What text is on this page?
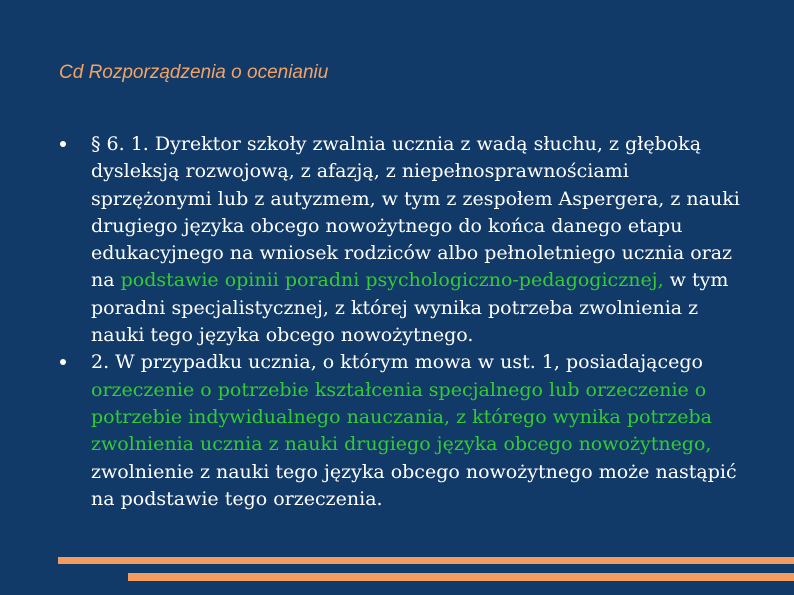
Cd Rozporządzenia o ocenianiu
§ 6. 1. Dyrektor szkoły zwalnia ucznia z wadą słuchu, z głęboką dysleksją rozwojową, z afazją, z niepełnosprawnościami sprzężonymi lub z autyzmem, w tym z zespołem Aspergera, z nauki drugiego języka obcego nowożytnego do końca danego etapu edukacyjnego na wniosek rodziców albo pełnoletniego ucznia oraz na podstawie opinii poradni psychologiczno-pedagogicznej, w tym poradni specjalistycznej, z której wynika potrzeba zwolnienia z nauki tego języka obcego nowożytnego.
2. W przypadku ucznia, o którym mowa w ust. 1, posiadającego orzeczenie o potrzebie kształcenia specjalnego lub orzeczenie o potrzebie indywidualnego nauczania, z którego wynika potrzeba zwolnienia ucznia z nauki drugiego języka obcego nowożytnego, zwolnienie z nauki tego języka obcego nowożytnego może nastąpić na podstawie tego orzeczenia.
